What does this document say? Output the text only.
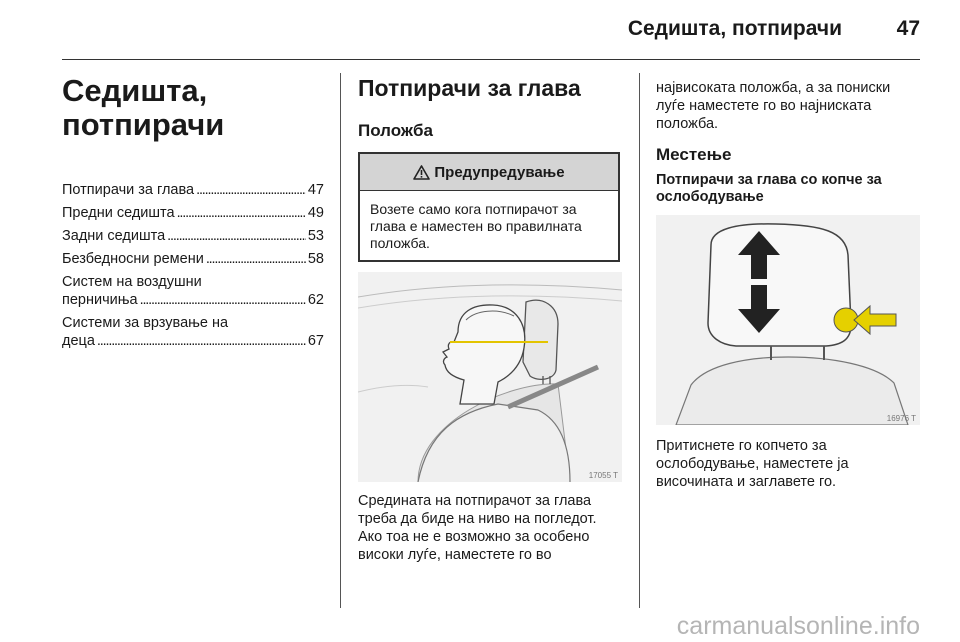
Седишта, потпирачи	47
Седишта,
потпирачи
Потпирачи за глава . . .	47
Предни седишта . . .	49
Задни седишта . . .	53
Безбедносни ремени . . .	58
Систем на воздушни
перничиња . . .	62
Системи за врзување на
деца . . .	67
Потпирачи за глава
Положба
Предупредување
Возете само кога потпирачот за глава е наместен во правилната положба.
17055 T

Средината на потпирачот за глава треба да биде на ниво на погледот. Ако тоа не е возможно за особено високи луѓе, наместете го во

највисоката положба, а за пониски луѓе наместете го во најниската положба.

Местење
Потпирачи за глава со копче за ослободување
16976 T

Притиснете го копчето за ослободување, наместете ја височината и заглавете го.

carmanualsonline.info
